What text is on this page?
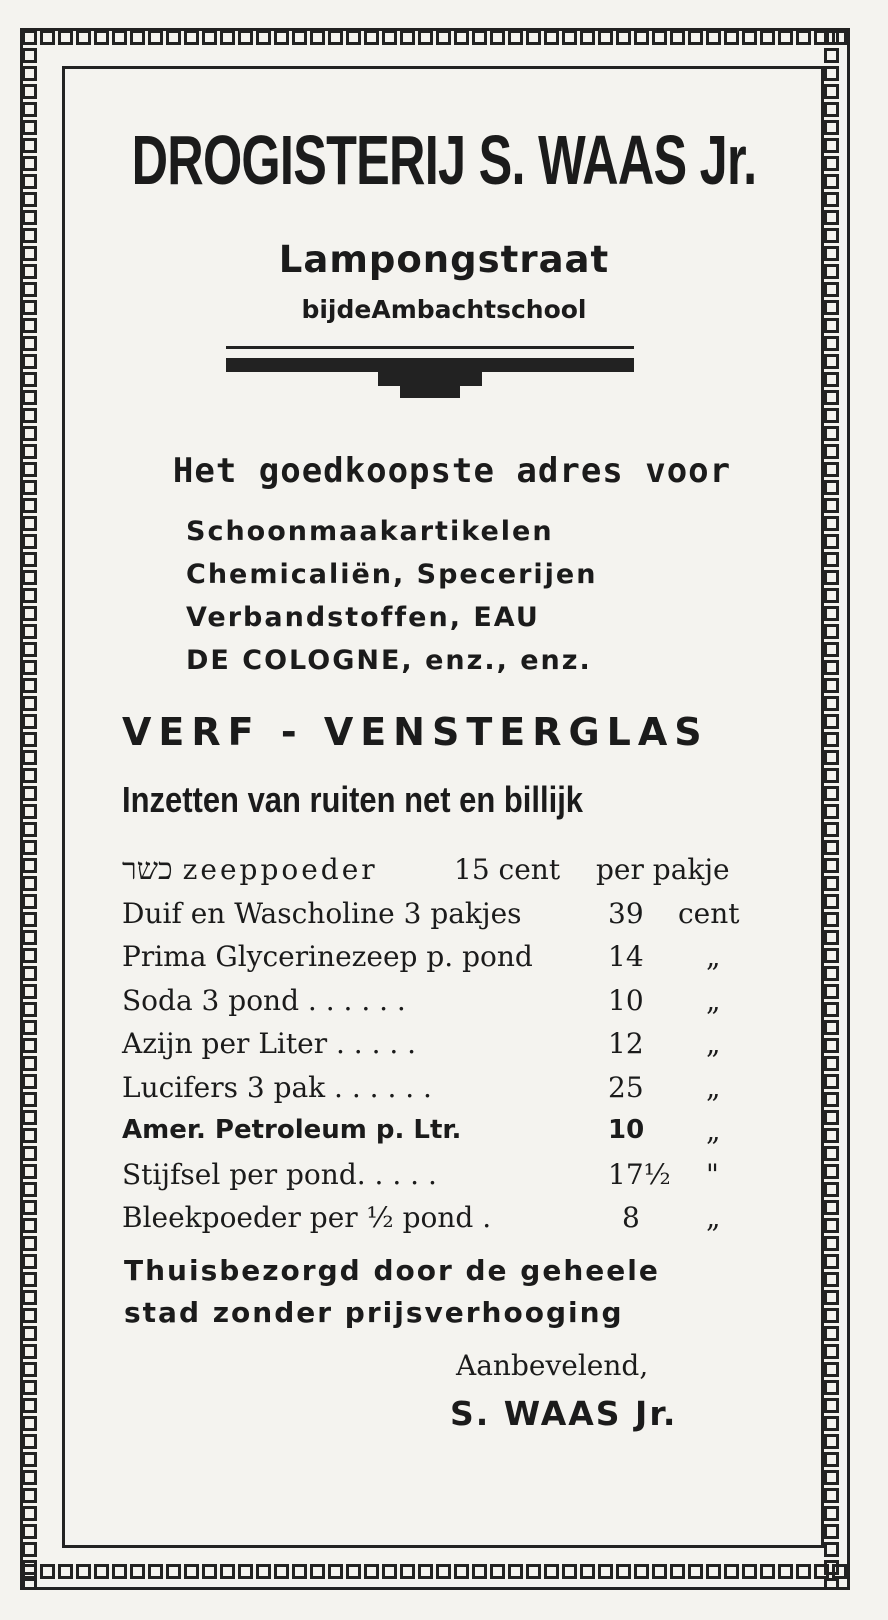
DROGISTERIJ S. WAAS Jr.
Lampongstraat
bijdeAmbachtschool
Het goedkoopste adres voor
Schoonmaakartikelen
Chemicaliën, Specerijen
Verbandstoffen, EAU
DE COLOGNE, enz., enz.
VERF - VENSTERGLAS
Inzetten van ruiten net en billijk
כשר zeeppoeder	15 cent per pakje
Duif en Wascholine 3 pakjes	39 cent
Prima Glycerinezeep p. pond	14 „
Soda 3 pond . . . . . .	10 „
Azijn per Liter . . . . .	12 „
Lucifers 3 pak . . . . . .	25 „
Amer. Petroleum p. Ltr.	10 „
Stijfsel per pond. . . . .	17½ "
Bleekpoeder per ½ pond .	8 „
Thuisbezorgd door de geheele
stad zonder prijsverhooging
Aanbevelend,
S. WAAS Jr.
